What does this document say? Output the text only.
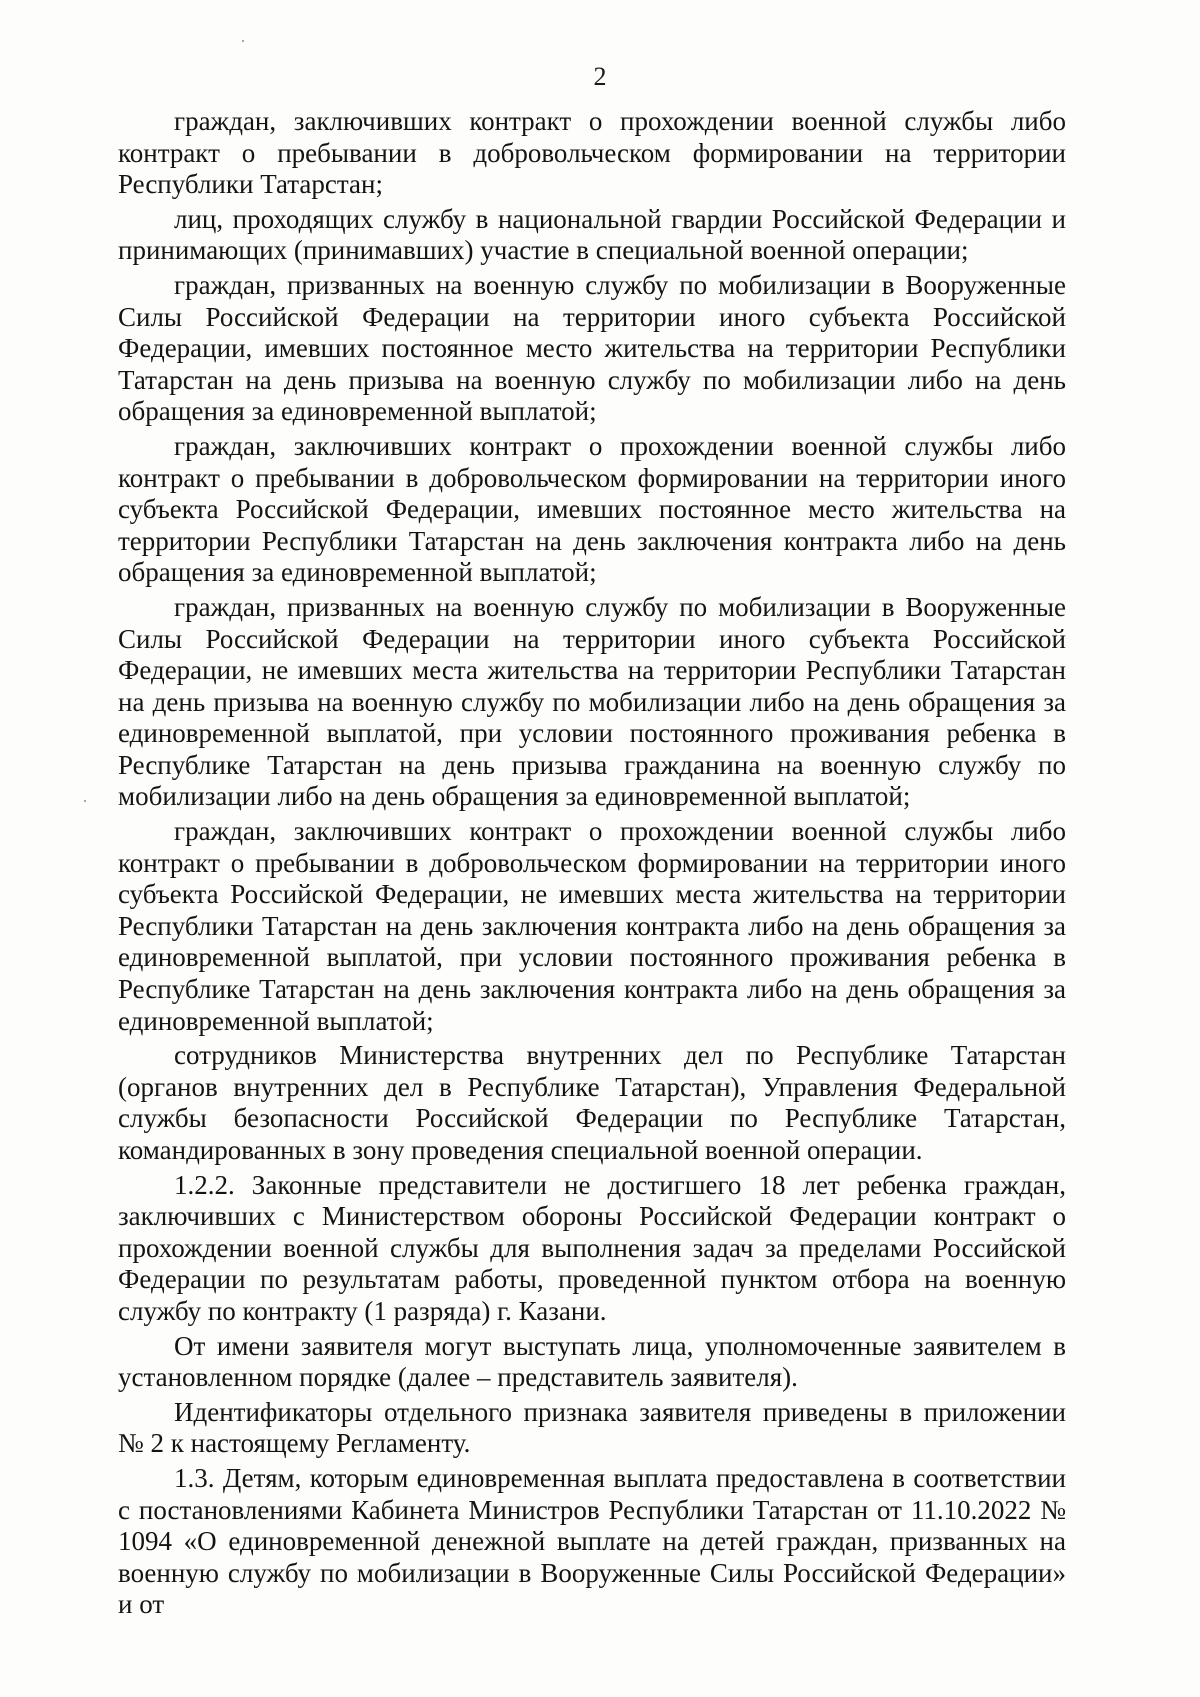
2

граждан, заключивших контракт о прохождении военной службы либо контракт о пребывании в добровольческом формировании на территории Республики Татарстан;

лиц, проходящих службу в национальной гвардии Российской Федерации и принимающих (принимавших) участие в специальной военной операции;

граждан, призванных на военную службу по мобилизации в Вооруженные Силы Российской Федерации на территории иного субъекта Российской Федерации, имевших постоянное место жительства на территории Республики Татарстан на день призыва на военную службу по мобилизации либо на день обращения за единовременной выплатой;

граждан, заключивших контракт о прохождении военной службы либо контракт о пребывании в добровольческом формировании на территории иного субъекта Российской Федерации, имевших постоянное место жительства на территории Республики Татарстан на день заключения контракта либо на день обращения за единовременной выплатой;

граждан, призванных на военную службу по мобилизации в Вооруженные Силы Российской Федерации на территории иного субъекта Российской Федерации, не имевших места жительства на территории Республики Татарстан на день призыва на военную службу по мобилизации либо на день обращения за единовременной выплатой, при условии постоянного проживания ребенка в Республике Татарстан на день призыва гражданина на военную службу по мобилизации либо на день обращения за единовременной выплатой;

граждан, заключивших контракт о прохождении военной службы либо контракт о пребывании в добровольческом формировании на территории иного субъекта Российской Федерации, не имевших места жительства на территории Республики Татарстан на день заключения контракта либо на день обращения за единовременной выплатой, при условии постоянного проживания ребенка в Республике Татарстан на день заключения контракта либо на день обращения за единовременной выплатой;

сотрудников Министерства внутренних дел по Республике Татарстан (органов внутренних дел в Республике Татарстан), Управления Федеральной службы безопасности Российской Федерации по Республике Татарстан, командированных в зону проведения специальной военной операции.

1.2.2. Законные представители не достигшего 18 лет ребенка граждан, заключивших с Министерством обороны Российской Федерации контракт о прохождении военной службы для выполнения задач за пределами Российской Федерации по результатам работы, проведенной пунктом отбора на военную службу по контракту (1 разряда) г. Казани.

От имени заявителя могут выступать лица, уполномоченные заявителем в установленном порядке (далее – представитель заявителя).

Идентификаторы отдельного признака заявителя приведены в приложении № 2 к настоящему Регламенту.

1.3. Детям, которым единовременная выплата предоставлена в соответствии с постановлениями Кабинета Министров Республики Татарстан от 11.10.2022 № 1094 «О единовременной денежной выплате на детей граждан, призванных на военную службу по мобилизации в Вооруженные Силы Российской Федерации» и от
